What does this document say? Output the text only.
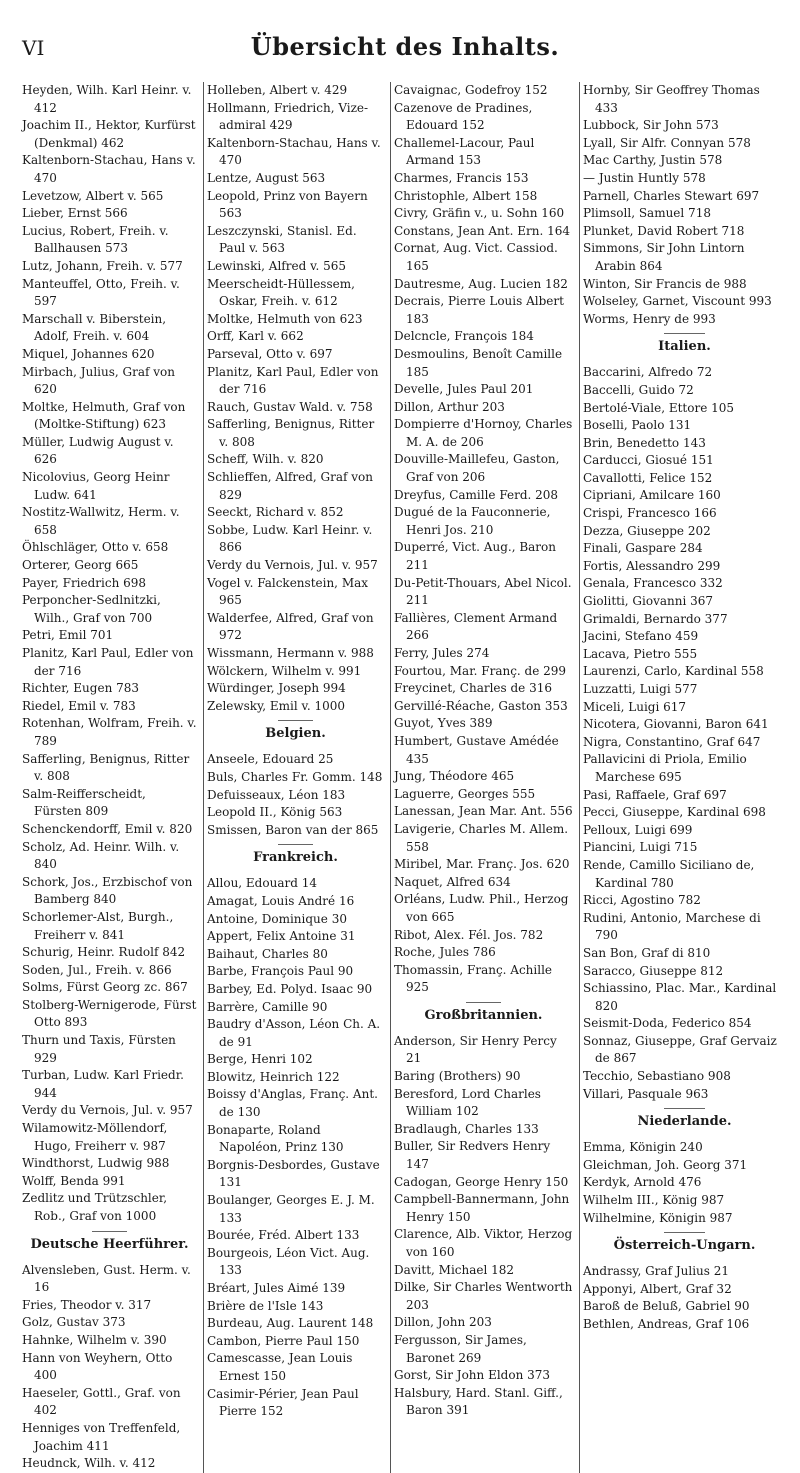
VI	Übersicht des Inhalts.
Heyden, Wilh. Karl Heinr. v. 412
Joachim II., Hektor, Kurfürst (Denkmal) 462
Kaltenborn-Stachau, Hans v. 470
Levetzow, Albert v. 565
Lieber, Ernst 566
Lucius, Robert, Freih. v. Ballhausen 573
Lutz, Johann, Freih. v. 577
Manteuffel, Otto, Freih. v. 597
Marschall v. Biberstein, Adolf, Freih. v. 604
Miquel, Johannes 620
Mirbach, Julius, Graf von 620
Moltke, Helmuth, Graf von (Moltke-Stiftung) 623
Müller, Ludwig August v. 626
Nicolovius, Georg Heinr Ludw. 641
Nostitz-Wallwitz, Herm. v. 658
Öhlschläger, Otto v. 658
Orterer, Georg 665
Payer, Friedrich 698
Perponcher-Sedlnitzki, Wilh., Graf von 700
Petri, Emil 701
Planitz, Karl Paul, Edler von der 716
Richter, Eugen 783
Riedel, Emil v. 783
Rotenhan, Wolfram, Freih. v. 789
Safferling, Benignus, Ritter v. 808
Salm-Reifferscheidt, Fürsten 809
Schenckendorff, Emil v. 820
Scholz, Ad. Heinr. Wilh. v. 840
Schork, Jos., Erzbischof von Bamberg 840
Schorlemer-Alst, Burgh., Freiherr v. 841
Schurig, Heinr. Rudolf 842
Soden, Jul., Freih. v. 866
Solms, Fürst Georg zc. 867
Stolberg-Wernigerode, Fürst Otto 893
Thurn und Taxis, Fürsten 929
Turban, Ludw. Karl Friedr. 944
Verdy du Vernois, Jul. v. 957
Wilamowitz-Möllendorf, Hugo, Freiherr v. 987
Windthorst, Ludwig 988
Wolff, Benda 991
Zedlitz und Trützschler, Rob., Graf von 1000
Deutsche Heerführer.
Alvensleben, Gust. Herm. v. 16
Fries, Theodor v. 317
Golz, Gustav 373
Hahnke, Wilhelm v. 390
Hann von Weyhern, Otto 400
Haeseler, Gottl., Graf. von 402
Henniges von Treffenfeld, Joachim 411
Heudnck, Wilh. v. 412
Holleben, Albert v. 429
Hollmann, Friedrich, Vize-admiral 429
Kaltenborn-Stachau, Hans v. 470
Lentze, August 563
Leopold, Prinz von Bayern 563
Leszczynski, Stanisl. Ed. Paul v. 563
Lewinski, Alfred v. 565
Meerscheidt-Hüllessem, Oskar, Freih. v. 612
Moltke, Helmuth von 623
Orff, Karl v. 662
Parseval, Otto v. 697
Planitz, Karl Paul, Edler von der 716
Rauch, Gustav Wald. v. 758
Safferling, Benignus, Ritter v. 808
Scheff, Wilh. v. 820
Schlieffen, Alfred, Graf von 829
Seeckt, Richard v. 852
Sobbe, Ludw. Karl Heinr. v. 866
Verdy du Vernois, Jul. v. 957
Vogel v. Falckenstein, Max 965
Walderfee, Alfred, Graf von 972
Wissmann, Hermann v. 988
Wölckern, Wilhelm v. 991
Würdinger, Joseph 994
Zelewsky, Emil v. 1000
Belgien.
Anseele, Edouard 25
Buls, Charles Fr. Gomm. 148
Defuisseaux, Léon 183
Leopold II., König 563
Smissen, Baron van der 865
Frankreich.
Allou, Edouard 14
Amagat, Louis André 16
Antoine, Dominique 30
Appert, Felix Antoine 31
Baihaut, Charles 80
Barbe, François Paul 90
Barbey, Ed. Polyd. Isaac 90
Barrère, Camille 90
Baudry d'Asson, Léon Ch. A. de 91
Berge, Henri 102
Blowitz, Heinrich 122
Boissy d'Anglas, Franç. Ant. de 130
Bonaparte, Roland Napoléon, Prinz 130
Borgnis-Desbordes, Gustave 131
Boulanger, Georges E. J. M. 133
Bourée, Fréd. Albert 133
Bourgeois, Léon Vict. Aug. 133
Bréart, Jules Aimé 139
Brière de l'Isle 143
Burdeau, Aug. Laurent 148
Cambon, Pierre Paul 150
Camescasse, Jean Louis Ernest 150
Casimir-Périer, Jean Paul Pierre 152
Cavaignac, Godefroy 152
Cazenove de Pradines, Edouard 152
Challemel-Lacour, Paul Armand 153
Charmes, Francis 153
Christophle, Albert 158
Civry, Gräfin v., u. Sohn 160
Constans, Jean Ant. Ern. 164
Cornat, Aug. Vict. Cassiod. 165
Dautresme, Aug. Lucien 182
Decrais, Pierre Louis Albert 183
Delcncle, François 184
Desmoulins, Benoît Camille 185
Develle, Jules Paul 201
Dillon, Arthur 203
Dompierre d'Hornoy, Charles M. A. de 206
Douville-Maillefeu, Gaston, Graf von 206
Dreyfus, Camille Ferd. 208
Dugué de la Fauconnerie, Henri Jos. 210
Duperré, Vict. Aug., Baron 211
Du-Petit-Thouars, Abel Nicol. 211
Fallières, Clement Armand 266
Ferry, Jules 274
Fourtou, Mar. Franç. de 299
Freycinet, Charles de 316
Gervillé-Réache, Gaston 353
Guyot, Yves 389
Humbert, Gustave Amédée 435
Jung, Théodore 465
Laguerre, Georges 555
Lanessan, Jean Mar. Ant. 556
Lavigerie, Charles M. Allem. 558
Miribel, Mar. Franç. Jos. 620
Naquet, Alfred 634
Orléans, Ludw. Phil., Herzog von 665
Ribot, Alex. Fél. Jos. 782
Roche, Jules 786
Thomassin, Franç. Achille 925
Großbritannien.
Anderson, Sir Henry Percy 21
Baring (Brothers) 90
Beresford, Lord Charles William 102
Bradlaugh, Charles 133
Buller, Sir Redvers Henry 147
Cadogan, George Henry 150
Campbell-Bannermann, John Henry 150
Clarence, Alb. Viktor, Herzog von 160
Davitt, Michael 182
Dilke, Sir Charles Wentworth 203
Dillon, John 203
Fergusson, Sir James, Baronet 269
Gorst, Sir John Eldon 373
Halsbury, Hard. Stanl. Giff., Baron 391
Hornby, Sir Geoffrey Thomas 433
Lubbock, Sir John 573
Lyall, Sir Alfr. Connyan 578
Mac Carthy, Justin 578
— Justin Huntly 578
Parnell, Charles Stewart 697
Plimsoll, Samuel 718
Plunket, David Robert 718
Simmons, Sir John Lintorn Arabin 864
Winton, Sir Francis de 988
Wolseley, Garnet, Viscount 993
Worms, Henry de 993
Italien.
Baccarini, Alfredo 72
Baccelli, Guido 72
Bertolé-Viale, Ettore 105
Boselli, Paolo 131
Brin, Benedetto 143
Carducci, Giosué 151
Cavallotti, Felice 152
Cipriani, Amilcare 160
Crispi, Francesco 166
Dezza, Giuseppe 202
Finali, Gaspare 284
Fortis, Alessandro 299
Genala, Francesco 332
Giolitti, Giovanni 367
Grimaldi, Bernardo 377
Jacini, Stefano 459
Lacava, Pietro 555
Laurenzi, Carlo, Kardinal 558
Luzzatti, Luigi 577
Miceli, Luigi 617
Nicotera, Giovanni, Baron 641
Nigra, Constantino, Graf 647
Pallavicini di Priola, Emilio Marchese 695
Pasi, Raffaele, Graf 697
Pecci, Giuseppe, Kardinal 698
Pelloux, Luigi 699
Piancini, Luigi 715
Rende, Camillo Siciliano de, Kardinal 780
Ricci, Agostino 782
Rudini, Antonio, Marchese di 790
San Bon, Graf di 810
Saracco, Giuseppe 812
Schiassino, Plac. Mar., Kardinal 820
Seismit-Doda, Federico 854
Sonnaz, Giuseppe, Graf Gervaiz de 867
Tecchio, Sebastiano 908
Villari, Pasquale 963
Niederlande.
Emma, Königin 240
Gleichman, Joh. Georg 371
Kerdyk, Arnold 476
Wilhelm III., König 987
Wilhelmine, Königin 987
Österreich-Ungarn.
Andrassy, Graf Julius 21
Apponyi, Albert, Graf 32
Baroß de Beluß, Gabriel 90
Bethlen, Andreas, Graf 106
